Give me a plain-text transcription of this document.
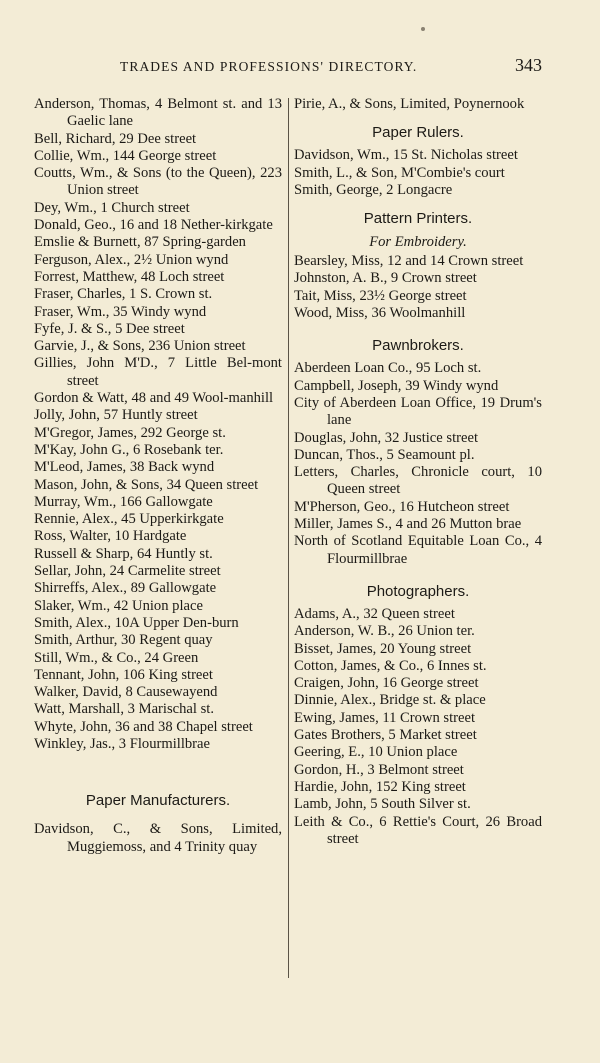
TRADES AND PROFESSIONS' DIRECTORY.	343
Anderson, Thomas, 4 Belmont st. and 13 Gaelic lane
Bell, Richard, 29 Dee street
Collie, Wm., 144 George street
Coutts, Wm., & Sons (to the Queen), 223 Union street
Dey, Wm., 1 Church street
Donald, Geo., 16 and 18 Nether-kirkgate
Emslie & Burnett, 87 Spring-garden
Ferguson, Alex., 2½ Union wynd
Forrest, Matthew, 48 Loch street
Fraser, Charles, 1 S. Crown st.
Fraser, Wm., 35 Windy wynd
Fyfe, J. & S., 5 Dee street
Garvie, J., & Sons, 236 Union street
Gillies, John M'D., 7 Little Bel-mont street
Gordon & Watt, 48 and 49 Wool-manhill
Jolly, John, 57 Huntly street
M'Gregor, James, 292 George st.
M'Kay, John G., 6 Rosebank ter.
M'Leod, James, 38 Back wynd
Mason, John, & Sons, 34 Queen street
Murray, Wm., 166 Gallowgate
Rennie, Alex., 45 Upperkirkgate
Ross, Walter, 10 Hardgate
Russell & Sharp, 64 Huntly st.
Sellar, John, 24 Carmelite street
Shirreffs, Alex., 89 Gallowgate
Slaker, Wm., 42 Union place
Smith, Alex., 10A Upper Den-burn
Smith, Arthur, 30 Regent quay
Still, Wm., & Co., 24 Green
Tennant, John, 106 King street
Walker, David, 8 Causewayend
Watt, Marshall, 3 Marischal st.
Whyte, John, 36 and 38 Chapel street
Winkley, Jas., 3 Flourmillbrae
Paper Manufacturers.
Davidson, C., & Sons, Limited, Muggiemoss, and 4 Trinity quay
Pirie, A., & Sons, Limited, Poynernook
Paper Rulers.
Davidson, Wm., 15 St. Nicholas street
Smith, L., & Son, M'Combie's court
Smith, George, 2 Longacre
Pattern Printers.
For Embroidery.
Bearsley, Miss, 12 and 14 Crown street
Johnston, A. B., 9 Crown street
Tait, Miss, 23½ George street
Wood, Miss, 36 Woolmanhill
Pawnbrokers.
Aberdeen Loan Co., 95 Loch st.
Campbell, Joseph, 39 Windy wynd
City of Aberdeen Loan Office, 19 Drum's lane
Douglas, John, 32 Justice street
Duncan, Thos., 5 Seamount pl.
Letters, Charles, Chronicle court, 10 Queen street
M'Pherson, Geo., 16 Hutcheon street
Miller, James S., 4 and 26 Mutton brae
North of Scotland Equitable Loan Co., 4 Flourmillbrae
Photographers.
Adams, A., 32 Queen street
Anderson, W. B., 26 Union ter.
Bisset, James, 20 Young street
Cotton, James, & Co., 6 Innes st.
Craigen, John, 16 George street
Dinnie, Alex., Bridge st. & place
Ewing, James, 11 Crown street
Gates Brothers, 5 Market street
Geering, E., 10 Union place
Gordon, H., 3 Belmont street
Hardie, John, 152 King street
Lamb, John, 5 South Silver st.
Leith & Co., 6 Rettie's Court, 26 Broad street
